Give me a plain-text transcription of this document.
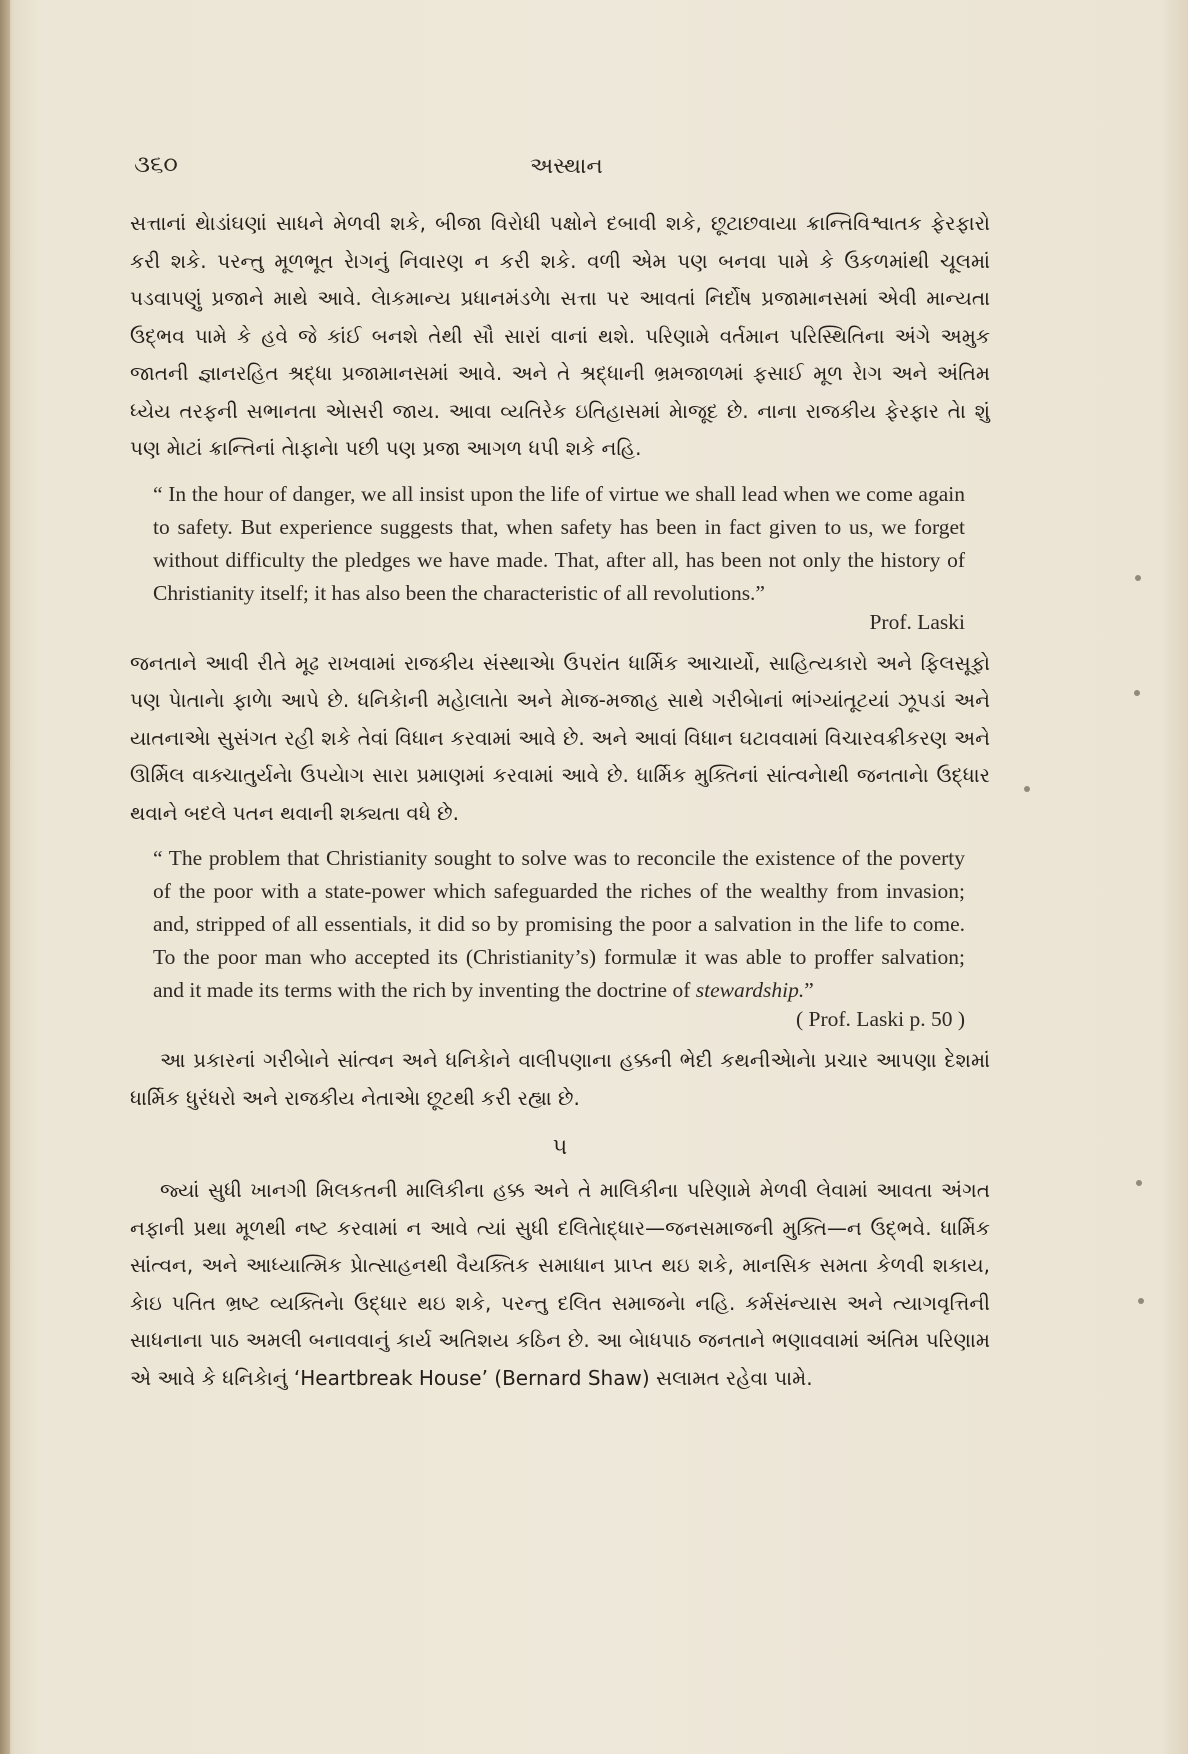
૩૬૦	અસ્થાન

સત્તાનાં થેાડાંઘણાં સાધને મેળવી શકે, બીજા વિરોધી પક્ષોને દબાવી શકે, છૂટાછવાયા ક્રાન્તિવિશ્વાતક ફેરફારો કરી શકે. પરન્તુ મૂળભૂત રેાગનું નિવારણ ન કરી શકે. વળી એમ પણ બનવા પામે કે ઉકળમાંથી ચૂલમાં પડવાપણું પ્રજાને માથે આવે. લેાકમાન્ય પ્રધાનમંડળેા સત્તા પર આવતાં નિર્દોષ પ્રજામાનસમાં એવી માન્યતા ઉદ્ભવ પામે કે હવે જે કાંઈ બનશે તેથી સૌ સારાં વાનાં થશે. પરિણામે વર્તમાન પરિસ્થિતિના અંગે અમુક જાતની જ્ઞાનરહિત શ્રદ્ધા પ્રજામાનસમાં આવે. અને તે શ્રદ્ધાની ભ્રમજાળમાં ફસાઈ મૂળ રેાગ અને અંતિમ ધ્યેય તરફની સભાનતા એાસરી જાય. આવા વ્યતિરેક ઇતિહાસમાં મેાજૂદ છે. નાના રાજકીય ફેરફાર તેા શું પણ મેાટાં ક્રાન્તિનાં તેાફાનેા પછી પણ પ્રજા આગળ ધપી શકે નહિ.

“ In the hour of danger, we all insist upon the life of virtue we shall lead when we come again to safety. But experience suggests that, when safety has been in fact given to us, we forget without difficulty the pledges we have made. That, after all, has been not only the history of Christianity itself; it has also been the characteristic of all revolutions.”
Prof. Laski

જનતાને આવી રીતે મૂઢ રાખવામાં રાજકીય સંસ્થાએા ઉપરાંત ધાર્મિક આચાર્યો, સાહિત્યકારો અને ફિલસૂફો પણ પેાતાનેા ફાળેા આપે છે. ધનિકેાની મહેાલાતેા અને મેાજ-મજાહ સાથે ગરીબેાનાં ભાંગ્યાંતૂટયાં ઝૂપડાં અને યાતનાએા સુસંગત રહી શકે તેવાં વિધાન કરવામાં આવે છે. અને આવાં વિધાન ઘટાવવામાં વિચારવક્રીકરણ અને ઊર્મિલ વાક્ચાતુર્યનેા ઉપયેાગ સારા પ્રમાણમાં કરવામાં આવે છે. ધાર્મિક મુક્તિનાં સાંત્વનેાથી જનતાનેા ઉદ્ધાર થવાને બદલે પતન થવાની શક્યતા વધે છે.

“ The problem that Christianity sought to solve was to reconcile the existence of the poverty of the poor with a state-power which safeguarded the riches of the wealthy from invasion; and, stripped of all essentials, it did so by promising the poor a salvation in the life to come. To the poor man who accepted its (Christianity’s) formulæ it was able to proffer salvation; and it made its terms with the rich by inventing the doctrine of stewardship.”
( Prof. Laski p. 50 )

આ પ્રકારનાં ગરીબેાને સાંત્વન અને ધનિકેાને વાલીપણાના હક્કની ભેદી કથનીએાનેા પ્રચાર આપણા દેશમાં ધાર્મિક ધુરંધરો અને રાજકીય નેતાએા છૂટથી કરી રહ્યા છે.

૫

જ્યાં સુધી ખાનગી મિલકતની માલિકીના હક્ક અને તે માલિકીના પરિણામે મેળવી લેવામાં આવતા અંગત નફાની પ્રથા મૂળથી નષ્ટ કરવામાં ન આવે ત્યાં સુધી દલિતેાદ્ધાર—જનસમાજની મુક્તિ—ન ઉદ્ભવે. ધાર્મિક સાંત્વન, અને આધ્યાત્મિક પ્રેાત્સાહનથી વૈયક્તિક સમાધાન પ્રાપ્ત થઇ શકે, માનસિક સમતા કેળવી શકાય, કેાઇ પતિત ભ્રષ્ટ વ્યક્તિનેા ઉદ્ધાર થઇ શકે, પરન્તુ દલિત સમાજનેા નહિ. કર્મસંન્યાસ અને ત્યાગવૃત્તિની સાધનાના પાઠ અમલી બનાવવાનું કાર્ય અતિશય કઠિન છે. આ બેાધપાઠ જનતાને ભણાવવામાં અંતિમ પરિણામ એ આવે કે ધનિકેાનું ‘Heartbreak House’ (Bernard Shaw) સલામત રહેવા પામે.
